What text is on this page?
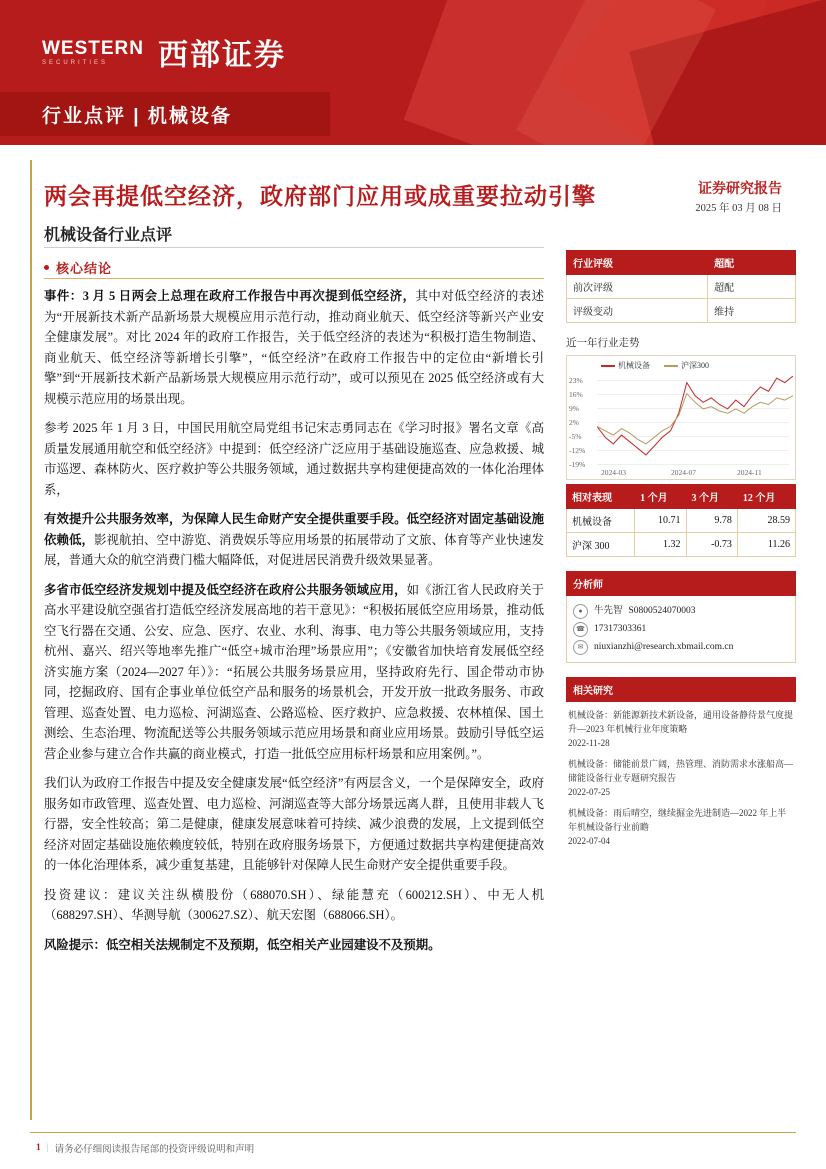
WESTERN
SECURITIES	西部证券
行业点评 | 机械设备
两会再提低空经济，政府部门应用或成重要拉动引擎
机械设备行业点评
证券研究报告
2025 年 03 月 08 日
核心结论

事件：3 月 5 日两会上总理在政府工作报告中再次提到低空经济，其中对低空经济的表述为“开展新技术新产品新场景大规模应用示范行动，推动商业航天、低空经济等新兴产业安全健康发展”。对比 2024 年的政府工作报告，关于低空经济的表述为“积极打造生物制造、商业航天、低空经济等新增长引擎”，“低空经济”在政府工作报告中的定位由“新增长引擎”到“开展新技术新产品新场景大规模应用示范行动”，或可以预见在 2025 低空经济或有大规模示范应用的场景出现。

参考 2025 年 1 月 3 日，中国民用航空局党组书记宋志勇同志在《学习时报》署名文章《高质量发展通用航空和低空经济》中提到：低空经济广泛应用于基础设施巡查、应急救援、城市巡逻、森林防火、医疗救护等公共服务领域，通过数据共享构建便捷高效的一体化治理体系，

有效提升公共服务效率，为保障人民生命财产安全提供重要手段。低空经济对固定基础设施依赖低，影视航拍、空中游览、消费娱乐等应用场景的拓展带动了文旅、体育等产业快速发展，普通大众的航空消费门槛大幅降低，对促进居民消费升级效果显著。

多省市低空经济发规划中提及低空经济在政府公共服务领域应用，如《浙江省人民政府关于高水平建设航空强省打造低空经济发展高地的若干意见》：“积极拓展低空应用场景，推动低空飞行器在交通、公安、应急、医疗、农业、水利、海事、电力等公共服务领域应用，支持杭州、嘉兴、绍兴等地率先推广“低空+城市治理”场景应用”；《安徽省加快培育发展低空经济实施方案（2024—2027 年）》：“拓展公共服务场景应用，坚持政府先行、国企带动市协同，挖掘政府、国有企事业单位低空产品和服务的场景机会，开发开放一批政务服务、市政管理、巡查处置、电力巡检、河湖巡查、公路巡检、医疗救护、应急救援、农林植保、国土测绘、生态治理、物流配送等公共服务领域示范应用场景和商业应用场景。鼓励引导低空运营企业参与建立合作共赢的商业模式，打造一批低空应用标杆场景和应用案例。”。

我们认为政府工作报告中提及安全健康发展“低空经济”有两层含义，一个是保障安全，政府服务如市政管理、巡查处置、电力巡检、河湖巡查等大部分场景远离人群，且使用非载人飞行器，安全性较高；第二是健康，健康发展意味着可持续、减少浪费的发展，上文提到低空经济对固定基础设施依赖度较低，特别在政府服务场景下，方便通过数据共享构建便捷高效的一体化治理体系，减少重复基建，且能够针对保障人民生命财产安全提供重要手段。

投资建议：建议关注纵横股份（688070.SH）、绿能慧充（600212.SH）、中无人机（688297.SH）、华测导航（300627.SZ）、航天宏图（688066.SH）。

风险提示：低空相关法规制定不及预期，低空相关产业园建设不及预期。

行业评级	超配
前次评级	超配
评级变动	维持
近一年行业走势
机械设备	沪深300
23%
16%
9%
2%
-5%
-12%
-19%
2024-03	2024-07	2024-11
相对表现	1 个月	3 个月	12 个月
机械设备	10.71	9.78	28.59
沪深 300	1.32	-0.73	11.26
分析师
●	牛先智 S0800524070003
☎ 17317303361
✉	niuxianzhi@research.xbmail.com.cn
相关研究
机械设备：新能源新技术新设备，通用设备静待景气度提升—2023 年机械行业年度策略
2022-11-28
机械设备：储能前景广阔，热管理、消防需求水涨船高—储能设备行业专题研究报告
2022-07-25
机械设备：雨后晴空，继续掘金先进制造—2022 年上半年机械设备行业前瞻
2022-07-04
1 | 请务必仔细阅读报告尾部的投资评级说明和声明
